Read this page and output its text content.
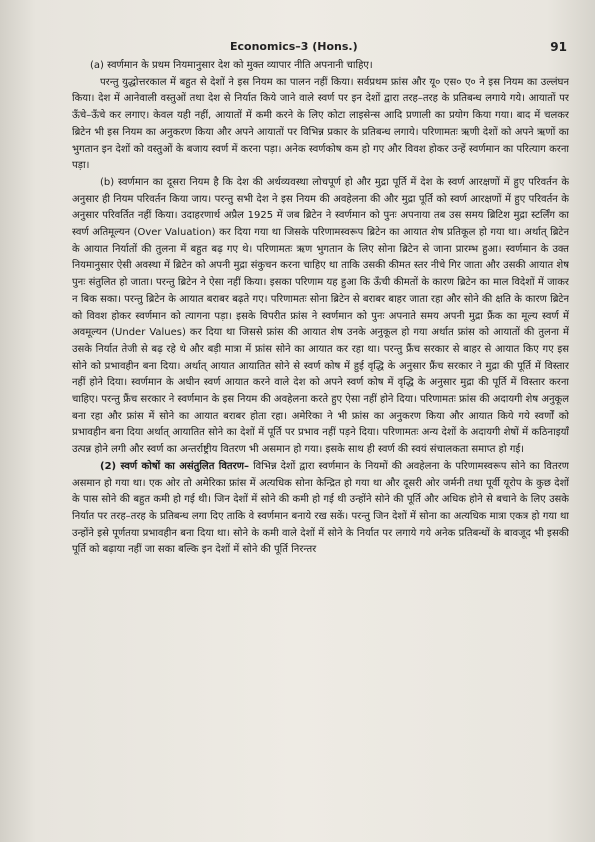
Economics–3 (Hons.)	91

(a) स्वर्णमान के प्रथम नियमानुसार देश को मुक्त व्यापार नीति अपनानी चाहिए।

परन्तु युद्धोत्तरकाल में बहुत से देशों ने इस नियम का पालन नहीं किया। सर्वप्रथम फ्रांस और यू० एस० ए० ने इस नियम का उल्लंघन किया। देश में आनेवाली वस्तुओं तथा देश से निर्यात किये जाने वाले स्वर्ण पर इन देशों द्वारा तरह–तरह के प्रतिबन्ध लगाये गये। आयातों पर ऊँचे–ऊँचे कर लगाए। केवल यही नहीं, आयातों में कमी करने के लिए कोटा लाइसेन्स आदि प्रणाली का प्रयोग किया गया। बाद में चलकर ब्रिटेन भी इस नियम का अनुकरण किया और अपने आयातों पर विभिन्न प्रकार के प्रतिबन्ध लगाये। परिणामतः ऋणी देशों को अपने ऋणों का भुगतान इन देशों को वस्तुओं के बजाय स्वर्ण में करना पड़ा। अनेक स्वर्णकोष कम हो गए और विवश होकर उन्हें स्वर्णमान का परित्याग करना पड़ा।

(b) स्वर्णमान का दूसरा नियम है कि देश की अर्थव्यवस्था लोचपूर्ण हो और मुद्रा पूर्ति में देश के स्वर्ण आरक्षणों में हुए परिवर्तन के अनुसार ही नियम परिवर्तन किया जाय। परन्तु सभी देश ने इस नियम की अवहेलना की और मुद्रा पूर्ति को स्वर्ण आरक्षणों में हुए परिवर्तन के अनुसार परिवर्तित नहीं किया। उदाहरणार्थ अप्रैल 1925 में जब ब्रिटेन ने स्वर्णमान को पुनः अपनाया तब उस समय ब्रिटिश मुद्रा स्टर्लिंग का स्वर्ण अतिमूल्यन (Over Valuation) कर दिया गया था जिसके परिणामस्वरूप ब्रिटेन का आयात शेष प्रतिकूल हो गया था। अर्थात् ब्रिटेन के आयात निर्यातों की तुलना में बहुत बढ़ गए थे। परिणामतः ऋण भुगतान के लिए सोना ब्रिटेन से जाना प्रारम्भ हुआ। स्वर्णमान के उक्त नियमानुसार ऐसी अवस्था में ब्रिटेन को अपनी मुद्रा संकुचन करना चाहिए था ताकि उसकी कीमत स्तर नीचे गिर जाता और उसकी आयात शेष पुनः संतुलित हो जाता। परन्तु ब्रिटेन ने ऐसा नहीं किया। इसका परिणाम यह हुआ कि ऊँची कीमतों के कारण ब्रिटेन का माल विदेशों में जाकर न बिक सका। परन्तु ब्रिटेन के आयात बराबर बढ़ते गए। परिणामतः सोना ब्रिटेन से बराबर बाहर जाता रहा और सोने की क्षति के कारण ब्रिटेन को विवश होकर स्वर्णमान को त्यागना पड़ा। इसके विपरीत फ्रांस ने स्वर्णमान को पुनः अपनाते समय अपनी मुद्रा फ्रैंक का मूल्य स्वर्ण में अवमूल्यन (Under Values) कर दिया था जिससे फ्रांस की आयात शेष उनके अनुकूल हो गया अर्थात फ्रांस को आयातों की तुलना में उसके निर्यात तेजी से बढ़ रहे थे और बड़ी मात्रा में फ्रांस सोने का आयात कर रहा था। परन्तु फ्रैंच सरकार से बाहर से आयात किए गए इस सोने को प्रभावहीन बना दिया। अर्थात् आयात आयातित सोने से स्वर्ण कोष में हुई वृद्धि के अनुसार फ्रैंच सरकार ने मुद्रा की पूर्ति में विस्तार नहीं होने दिया। स्वर्णमान के अधीन स्वर्ण आयात करने वाले देश को अपने स्वर्ण कोष में वृद्धि के अनुसार मुद्रा की पूर्ति में विस्तार करना चाहिए। परन्तु फ्रैंच सरकार ने स्वर्णमान के इस नियम की अवहेलना करते हुए ऐसा नहीं होने दिया। परिणामतः फ्रांस की अदायगी शेष अनुकूल बना रहा और फ्रांस में सोने का आयात बराबर होता रहा। अमेरिका ने भी फ्रांस का अनुकरण किया और आयात किये गये स्वर्णों को प्रभावहीन बना दिया अर्थात् आयातित सोने का देशों में पूर्ति पर प्रभाव नहीं पड़ने दिया। परिणामतः अन्य देशों के अदायगी शेषों में कठिनाइयाँ उत्पन्न होने लगी और स्वर्ण का अन्तर्राष्ट्रीय वितरण भी असमान हो गया। इसके साथ ही स्वर्ण की स्वयं संचालकता समाप्त हो गई।

(2) स्वर्ण कोषों का असंतुलित वितरण– विभिन्न देशों द्वारा स्वर्णमान के नियमों की अवहेलना के परिणामस्वरूप सोने का वितरण असमान हो गया था। एक ओर तो अमेरिका फ्रांस में अत्यधिक सोना केन्द्रित हो गया था और दूसरी ओर जर्मनी तथा पूर्वी यूरोप के कुछ देशों के पास सोने की बहुत कमी हो गई थी। जिन देशों में सोने की कमी हो गई थी उन्होंने सोने की पूर्ति और अधिक होने से बचाने के लिए उसके निर्यात पर तरह–तरह के प्रतिबन्ध लगा दिए ताकि वे स्वर्णमान बनाये रख सकें। परन्तु जिन देशों में सोना का अत्यधिक मात्रा एकत्र हो गया था उन्होंने इसे पूर्णतया प्रभावहीन बना दिया था। सोने के कमी वाले देशों में सोने के निर्यात पर लगाये गये अनेक प्रतिबन्धों के बावजूद भी इसकी पूर्ति को बढ़ाया नहीं जा सका बल्कि इन देशों में सोने की पूर्ति निरन्तर
